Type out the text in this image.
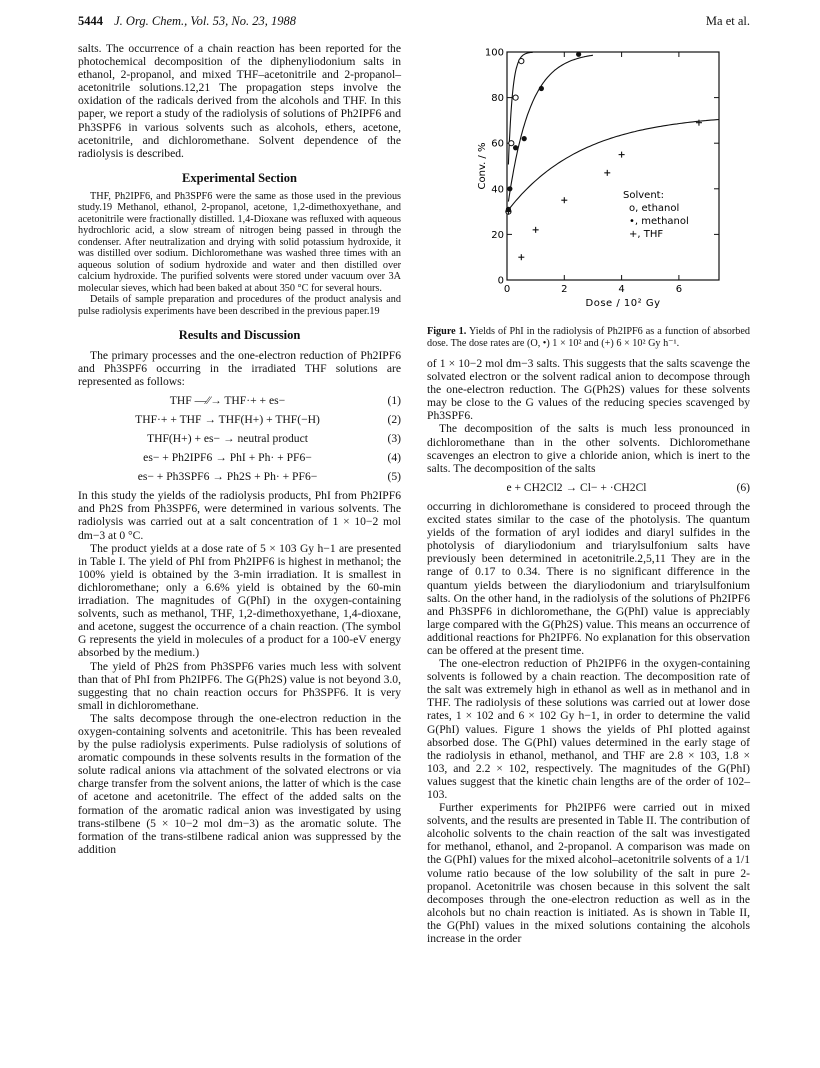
5444 J. Org. Chem., Vol. 53, No. 23, 1988	Ma et al.

salts. The occurrence of a chain reaction has been reported for the photochemical decomposition of the diphenyliodonium salts in ethanol, 2-propanol, and mixed THF–acetonitrile and 2-propanol–acetonitrile solutions.12,21 The propagation steps involve the oxidation of the radicals derived from the alcohols and THF. In this paper, we report a study of the radiolysis of solutions of Ph2IPF6 and Ph3SPF6 in various solvents such as alcohols, ethers, acetone, acetonitrile, and dichloromethane. Solvent dependence of the radiolysis is described.

Experimental Section

THF, Ph2IPF6, and Ph3SPF6 were the same as those used in the previous study.19 Methanol, ethanol, 2-propanol, acetone, 1,2-dimethoxyethane, and acetonitrile were fractionally distilled. 1,4-Dioxane was refluxed with aqueous hydrochloric acid, a slow stream of nitrogen being passed in through the condenser. After neutralization and drying with solid potassium hydroxide, it was distilled over sodium. Dichloromethane was washed three times with an aqueous solution of sodium hydroxide and water and then distilled over calcium hydroxide. The purified solvents were stored under vacuum over 3A molecular sieves, which had been baked at about 350 °C for several hours.

Details of sample preparation and procedures of the product analysis and pulse radiolysis experiments have been described in the previous paper.19

Results and Discussion

The primary processes and the one-electron reduction of Ph2IPF6 and Ph3SPF6 occurring in the irradiated THF solutions are represented as follows:

THF —⁄⁄→ THF·+ + es−	(1)
THF·+ + THF → THF(H+) + THF(−H)	(2)
THF(H+) + es− → neutral product	(3)
es− + Ph2IPF6 → PhI + Ph· + PF6−	(4)
es− + Ph3SPF6 → Ph2S + Ph· + PF6−	(5)

In this study the yields of the radiolysis products, PhI from Ph2IPF6 and Ph2S from Ph3SPF6, were determined in various solvents. The radiolysis was carried out at a salt concentration of 1 × 10−2 mol dm−3 at 0 °C.

The product yields at a dose rate of 5 × 103 Gy h−1 are presented in Table I. The yield of PhI from Ph2IPF6 is highest in methanol; the 100% yield is obtained by the 3-min irradiation. It is smallest in dichloromethane; only a 6.6% yield is obtained by the 60-min irradiation. The magnitudes of G(PhI) in the oxygen-containing solvents, such as methanol, THF, 1,2-dimethoxyethane, 1,4-dioxane, and acetone, suggest the occurrence of a chain reaction. (The symbol G represents the yield in molecules of a product for a 100-eV energy absorbed by the medium.)

The yield of Ph2S from Ph3SPF6 varies much less with solvent than that of PhI from Ph2IPF6. The G(Ph2S) value is not beyond 3.0, suggesting that no chain reaction occurs for Ph3SPF6. It is very small in dichloromethane.

The salts decompose through the one-electron reduction in the oxygen-containing solvents and acetonitrile. This has been revealed by the pulse radiolysis experiments. Pulse radiolysis of solutions of aromatic compounds in these solvents results in the formation of the solute radical anions via attachment of the solvated electrons or via charge transfer from the solvent anions, the latter of which is the case of acetone and acetonitrile. The effect of the added salts on the formation of the aromatic radical anion was investigated by using trans-stilbene (5 × 10−2 mol dm−3) as the aromatic solute. The formation of the trans-stilbene radical anion was suppressed by the addition

0	2	4	6
0
20
40
60
80
100
Dose / 10² Gy
Conv. / %
Solvent:
o, ethanol
•, methanol
+, THF
Figure 1. Yields of PhI in the radiolysis of Ph2IPF6 as a function of absorbed dose. The dose rates are (O, •) 1 × 10² and (+) 6 × 10² Gy h⁻¹.

of 1 × 10−2 mol dm−3 salts. This suggests that the salts scavenge the solvated electron or the solvent radical anion to decompose through the one-electron reduction. The G(Ph2S) values for these solvents may be close to the G values of the reducing species scavenged by Ph3SPF6.

The decomposition of the salts is much less pronounced in dichloromethane than in the other solvents. Dichloromethane scavenges an electron to give a chloride anion, which is inert to the salts. The decomposition of the salts

e + CH2Cl2 → Cl− + ·CH2Cl	(6)

occurring in dichloromethane is considered to proceed through the excited states similar to the case of the photolysis. The quantum yields of the formation of aryl iodides and diaryl sulfides in the photolysis of diaryliodonium and triarylsulfonium salts have previously been determined in acetonitrile.2,5,11 They are in the range of 0.17 to 0.34. There is no significant difference in the quantum yields between the diaryliodonium and triarylsulfonium salts. On the other hand, in the radiolysis of the solutions of Ph2IPF6 and Ph3SPF6 in dichloromethane, the G(PhI) value is appreciably large compared with the G(Ph2S) value. This means an occurrence of additional reactions for Ph2IPF6. No explanation for this observation can be offered at the present time.

The one-electron reduction of Ph2IPF6 in the oxygen-containing solvents is followed by a chain reaction. The decomposition rate of the salt was extremely high in ethanol as well as in methanol and in THF. The radiolysis of these solutions was carried out at lower dose rates, 1 × 102 and 6 × 102 Gy h−1, in order to determine the valid G(PhI) values. Figure 1 shows the yields of PhI plotted against absorbed dose. The G(PhI) values determined in the early stage of the radiolysis in ethanol, methanol, and THF are 2.8 × 103, 1.8 × 103, and 2.2 × 102, respectively. The magnitudes of the G(PhI) values suggest that the kinetic chain lengths are of the order of 102–103.

Further experiments for Ph2IPF6 were carried out in mixed solvents, and the results are presented in Table II. The contribution of alcoholic solvents to the chain reaction of the salt was investigated for methanol, ethanol, and 2-propanol. A comparison was made on the G(PhI) values for the mixed alcohol–acetonitrile solvents of a 1/1 volume ratio because of the low solubility of the salt in pure 2-propanol. Acetonitrile was chosen because in this solvent the salt decomposes through the one-electron reduction as well as in the alcohols but no chain reaction is initiated. As is shown in Table II, the G(PhI) values in the mixed solutions containing the alcohols increase in the order
